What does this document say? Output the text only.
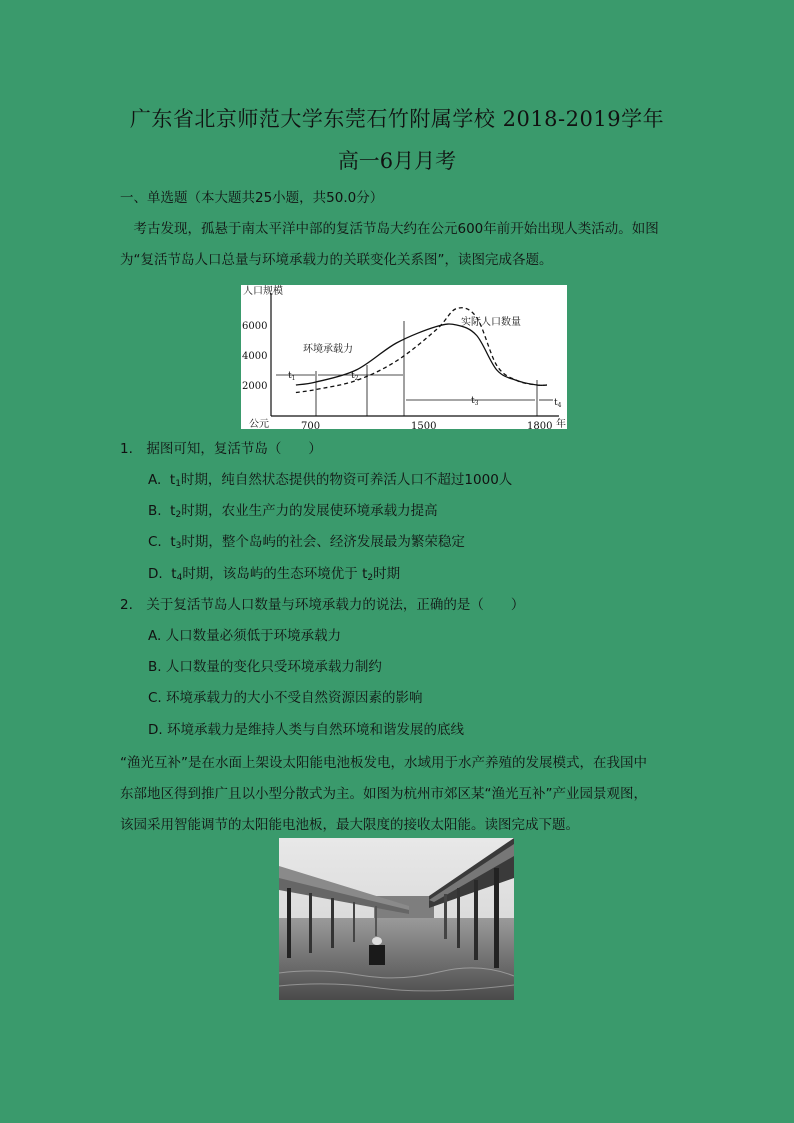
广东省北京师范大学东莞石竹附属学校 2018-2019学年
高一6月月考
一、单选题（本大题共25小题，共50.0分）
　考古发现，孤悬于南太平洋中部的复活节岛大约在公元600年前开始出现人类活动。如图
为“复活节岛人口总量与环境承载力的关联变化关系图”，读图完成各题。
人口规模
公元	年
6000
4000
2000
700	1500	1800
$t_1$	$t_2$
$t_3$	$t_4$
环境承载力
实际人口数量
1.　据图可知，复活节岛（　　）
A. $t_1$时期，纯自然状态提供的物资可养活人口不超过1000人
B. $t_2$时期，农业生产力的发展使环境承载力提高
C. $t_3$时期，整个岛屿的社会、经济发展最为繁荣稳定
D. $t_4$时期，该岛屿的生态环境优于 $t_2$时期
2.　关于复活节岛人口数量与环境承载力的说法，正确的是（　　）
A. 人口数量必须低于环境承载力
B. 人口数量的变化只受环境承载力制约
C. 环境承载力的大小不受自然资源因素的影响
D. 环境承载力是维持人类与自然环境和谐发展的底线
“渔光互补”是在水面上架设太阳能电池板发电，水域用于水产养殖的发展模式，在我国中
东部地区得到推广且以小型分散式为主。如图为杭州市郊区某“渔光互补”产业园景观图，
该园采用智能调节的太阳能电池板，最大限度的接收太阳能。读图完成下题。
